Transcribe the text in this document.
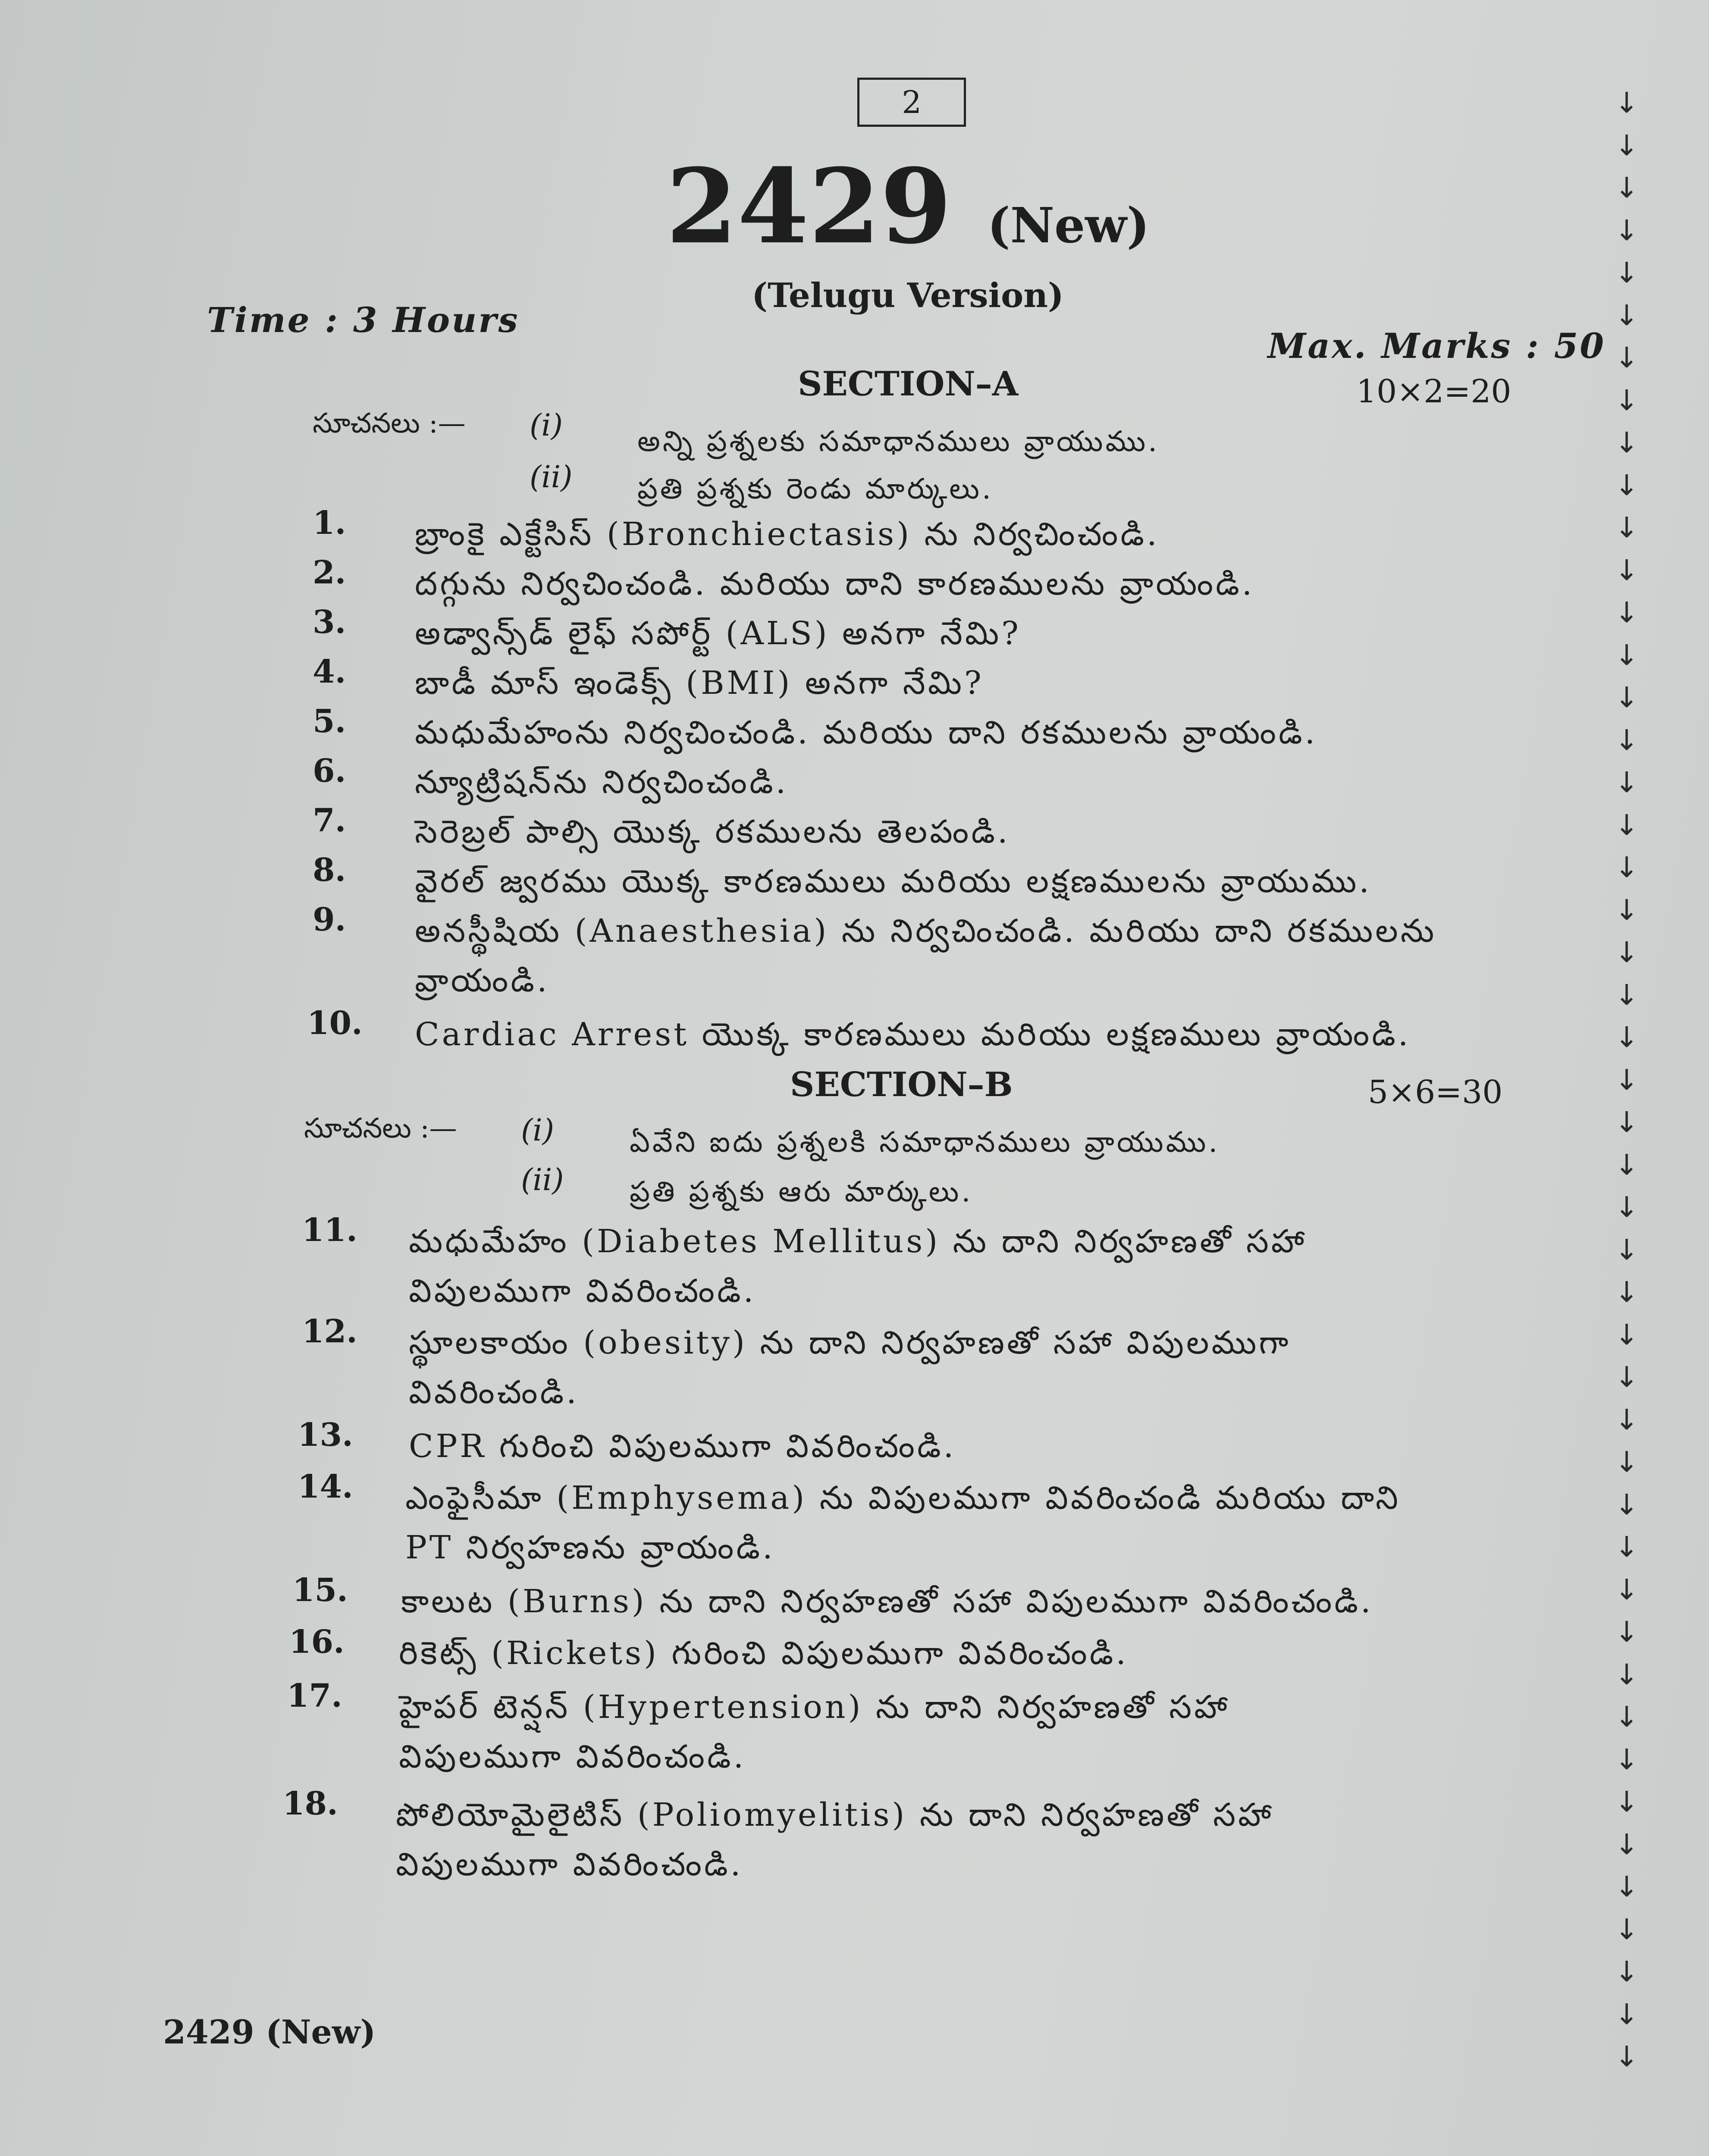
2
2429 (New)
(Telugu Version)
Time : 3 Hours
Max. Marks : 50
SECTION–A	10×2=20
సూచనలు :— (i)	అన్ని ప్రశ్నలకు సమాధానములు వ్రాయుము.
(ii) ప్రతి ప్రశ్నకు రెండు మార్కులు.
1. బ్రాంకై ఎక్టేసిస్ (Bronchiectasis) ను నిర్వచించండి.
2. దగ్గును నిర్వచించండి. మరియు దాని కారణములను వ్రాయండి.
3. అడ్వాన్స్‌డ్ లైఫ్ సపోర్ట్ (ALS) అనగా నేమి?
4. బాడీ మాస్ ఇండెక్స్ (BMI) అనగా నేమి?
5. మధుమేహంను నిర్వచించండి. మరియు దాని రకములను వ్రాయండి.
6. న్యూట్రిషన్‌ను నిర్వచించండి.
7. సెరెబ్రల్ పాల్సి యొక్క రకములను తెలపండి.
8. వైరల్ జ్వరము యొక్క కారణములు మరియు లక్షణములను వ్రాయుము.
9. అనస్థీషియ (Anaesthesia) ను నిర్వచించండి. మరియు దాని రకములను
వ్రాయండి.
10. Cardiac Arrest యొక్క కారణములు మరియు లక్షణములు వ్రాయండి.
SECTION–B	5×6=30
సూచనలు :— (i)	ఏవేని ఐదు ప్రశ్నలకి సమాధానములు వ్రాయుము.
(ii) ప్రతి ప్రశ్నకు ఆరు మార్కులు.
11. మధుమేహం (Diabetes Mellitus) ను దాని నిర్వహణతో సహా
విపులముగా వివరించండి.
12. స్థూలకాయం (obesity) ను దాని నిర్వహణతో సహా విపులముగా
వివరించండి.
13. CPR గురించి విపులముగా వివరించండి.
14. ఎంఫైసీమా (Emphysema) ను విపులముగా వివరించండి మరియు దాని
PT నిర్వహణను వ్రాయండి.
15. కాలుట (Burns) ను దాని నిర్వహణతో సహా విపులముగా వివరించండి.
16. రికెట్స్ (Rickets) గురించి విపులముగా వివరించండి.
17. హైపర్ టెన్షన్ (Hypertension) ను దాని నిర్వహణతో సహా
విపులముగా వివరించండి.
18. పోలియోమైలైటిస్ (Poliomyelitis) ను దాని నిర్వహణతో సహా
విపులముగా వివరించండి.
2429 (New)
↓
↓
↓
↓
↓
↓
↓
↓
↓
↓
↓
↓
↓
↓
↓
↓
↓
↓
↓
↓
↓
↓
↓
↓
↓
↓
↓
↓
↓
↓
↓
↓
↓
↓
↓
↓
↓
↓
↓
↓
↓
↓
↓
↓
↓
↓
↓
